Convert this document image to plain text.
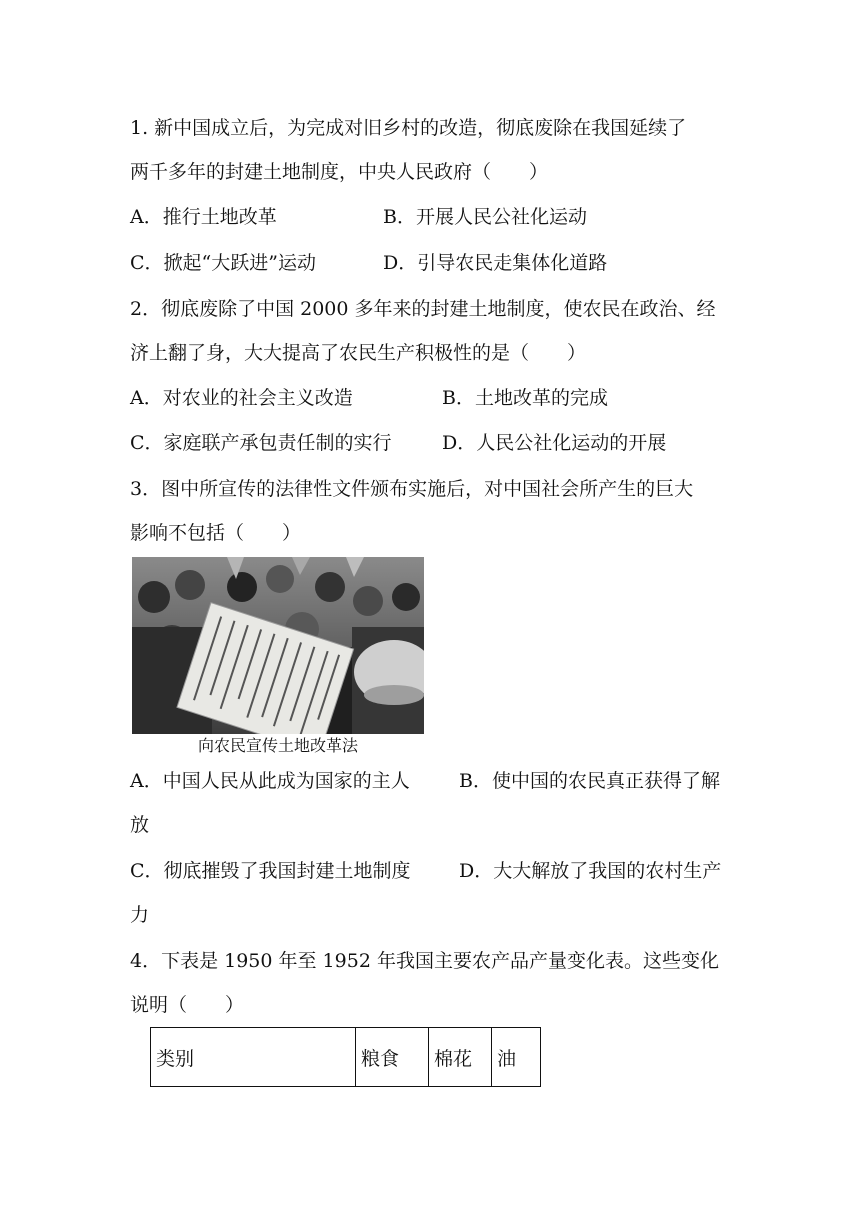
1. 新中国成立后，为完成对旧乡村的改造，彻底废除在我国延续了
两千多年的封建土地制度，中央人民政府（　　）
A．推行土地改革	B．开展人民公社化运动
C．掀起“大跃进”运动	D．引导农民走集体化道路
2．彻底废除了中国 2000 多年来的封建土地制度，使农民在政治、经
济上翻了身，大大提高了农民生产积极性的是（　　）
A．对农业的社会主义改造	B．土地改革的完成
C．家庭联产承包责任制的实行	D．人民公社化运动的开展
3．图中所宣传的法律性文件颁布实施后，对中国社会所产生的巨大
影响不包括（　　）
向农民宣传土地改革法
A．中国人民从此成为国家的主人	B．使中国的农民真正获得了解
放
C．彻底摧毁了我国封建土地制度	D．大大解放了我国的农村生产
力
4．下表是 1950 年至 1952 年我国主要农产品产量变化表。这些变化
说明（　　）
类别	粮食	棉花	油
